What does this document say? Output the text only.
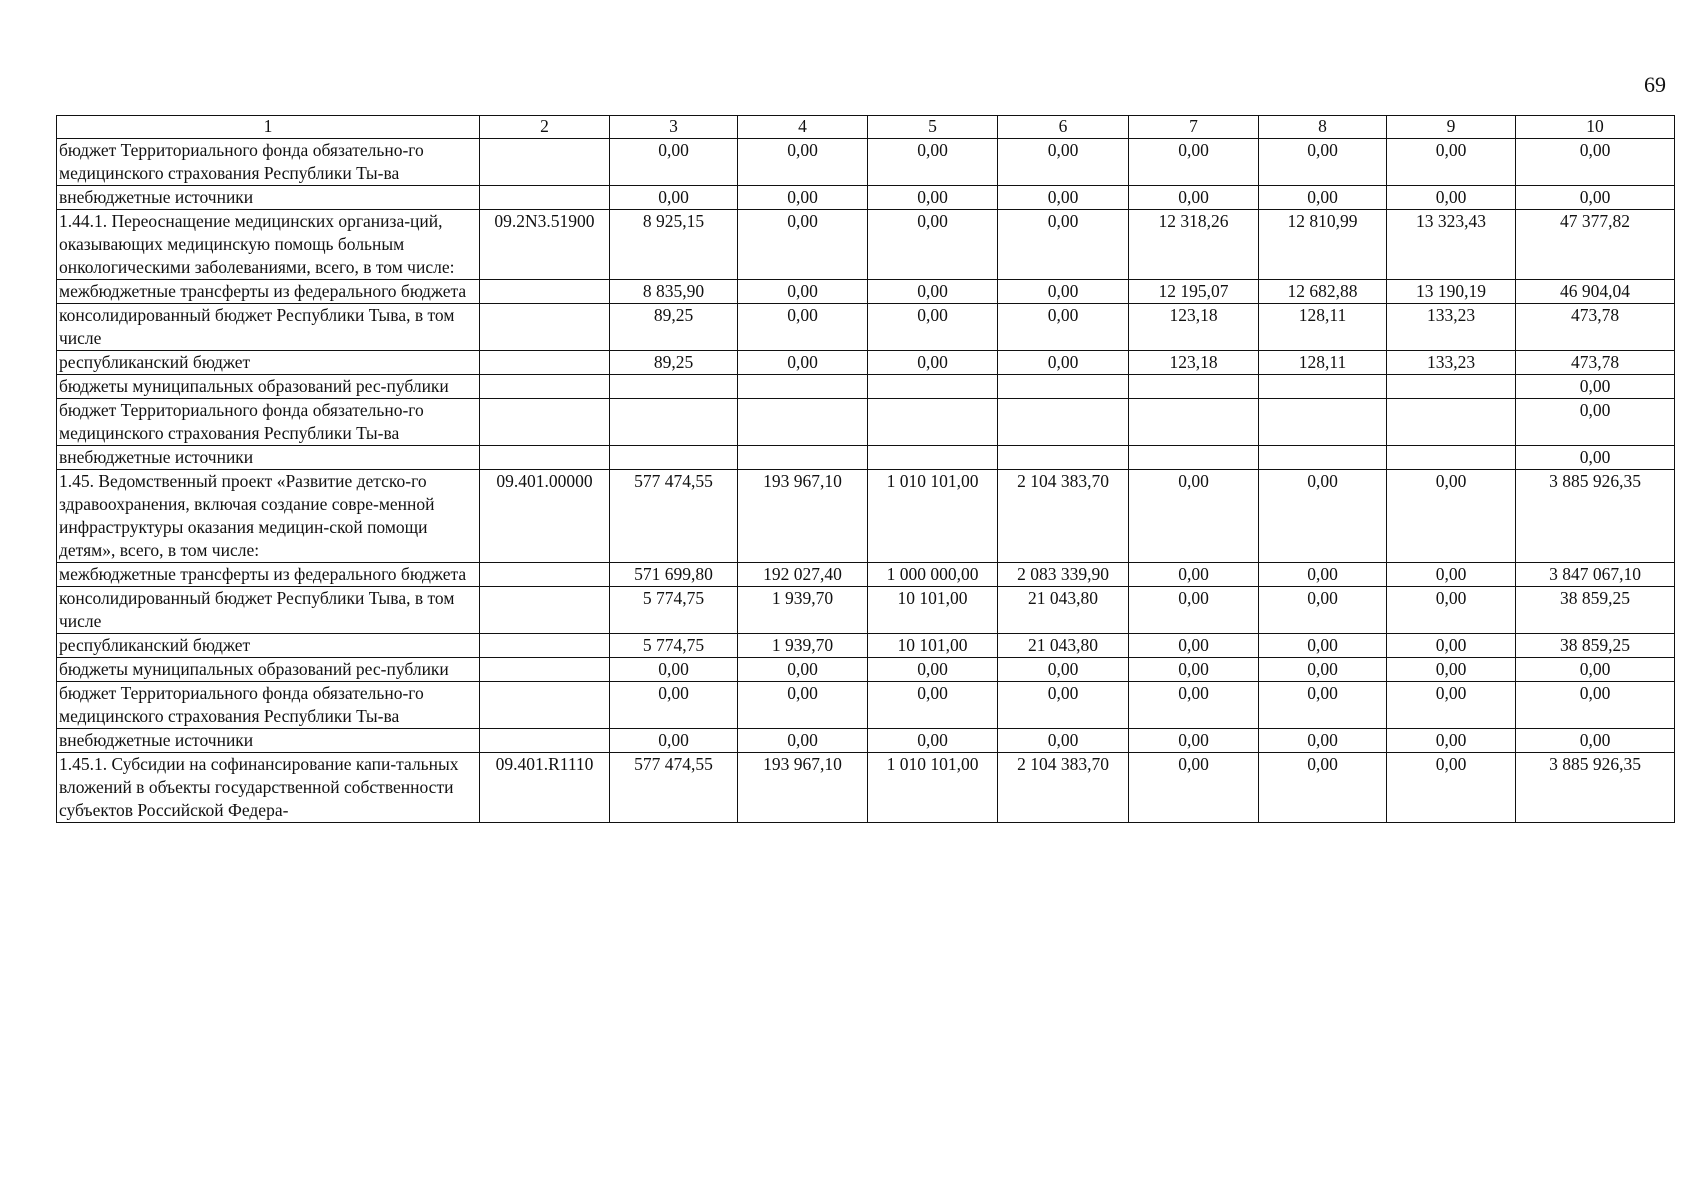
69
1	2	3	4	5	6	7	8	9	10
бюджет Территориального фонда обязательно-го медицинского страхования Республики Ты-ва		0,00	0,00	0,00	0,00	0,00	0,00	0,00	0,00
внебюджетные источники		0,00	0,00	0,00	0,00	0,00	0,00	0,00	0,00
1.44.1. Переоснащение медицинских организа-ций, оказывающих медицинскую помощь больным онкологическими заболеваниями, всего, в том числе:	09.2N3.51900	8 925,15	0,00	0,00	0,00	12 318,26	12 810,99	13 323,43	47 377,82
межбюджетные трансферты из федерального бюджета		8 835,90	0,00	0,00	0,00	12 195,07	12 682,88	13 190,19	46 904,04
консолидированный бюджет Республики Тыва, в том числе		89,25	0,00	0,00	0,00	123,18	128,11	133,23	473,78
республиканский бюджет		89,25	0,00	0,00	0,00	123,18	128,11	133,23	473,78
бюджеты муниципальных образований рес-публики									0,00
бюджет Территориального фонда обязательно-го медицинского страхования Республики Ты-ва									0,00
внебюджетные источники									0,00
1.45. Ведомственный проект «Развитие детско-го здравоохранения, включая создание совре-менной инфраструктуры оказания медицин-ской помощи детям», всего, в том числе:	09.401.00000	577 474,55	193 967,10	1 010 101,00	2 104 383,70	0,00	0,00	0,00	3 885 926,35
межбюджетные трансферты из федерального бюджета		571 699,80	192 027,40	1 000 000,00	2 083 339,90	0,00	0,00	0,00	3 847 067,10
консолидированный бюджет Республики Тыва, в том числе		5 774,75	1 939,70	10 101,00	21 043,80	0,00	0,00	0,00	38 859,25
республиканский бюджет		5 774,75	1 939,70	10 101,00	21 043,80	0,00	0,00	0,00	38 859,25
бюджеты муниципальных образований рес-публики		0,00	0,00	0,00	0,00	0,00	0,00	0,00	0,00
бюджет Территориального фонда обязательно-го медицинского страхования Республики Ты-ва		0,00	0,00	0,00	0,00	0,00	0,00	0,00	0,00
внебюджетные источники		0,00	0,00	0,00	0,00	0,00	0,00	0,00	0,00
1.45.1. Субсидии на софинансирование капи-тальных вложений в объекты государственной собственности субъектов Российской Федера-	09.401.R1110	577 474,55	193 967,10	1 010 101,00	2 104 383,70	0,00	0,00	0,00	3 885 926,35
